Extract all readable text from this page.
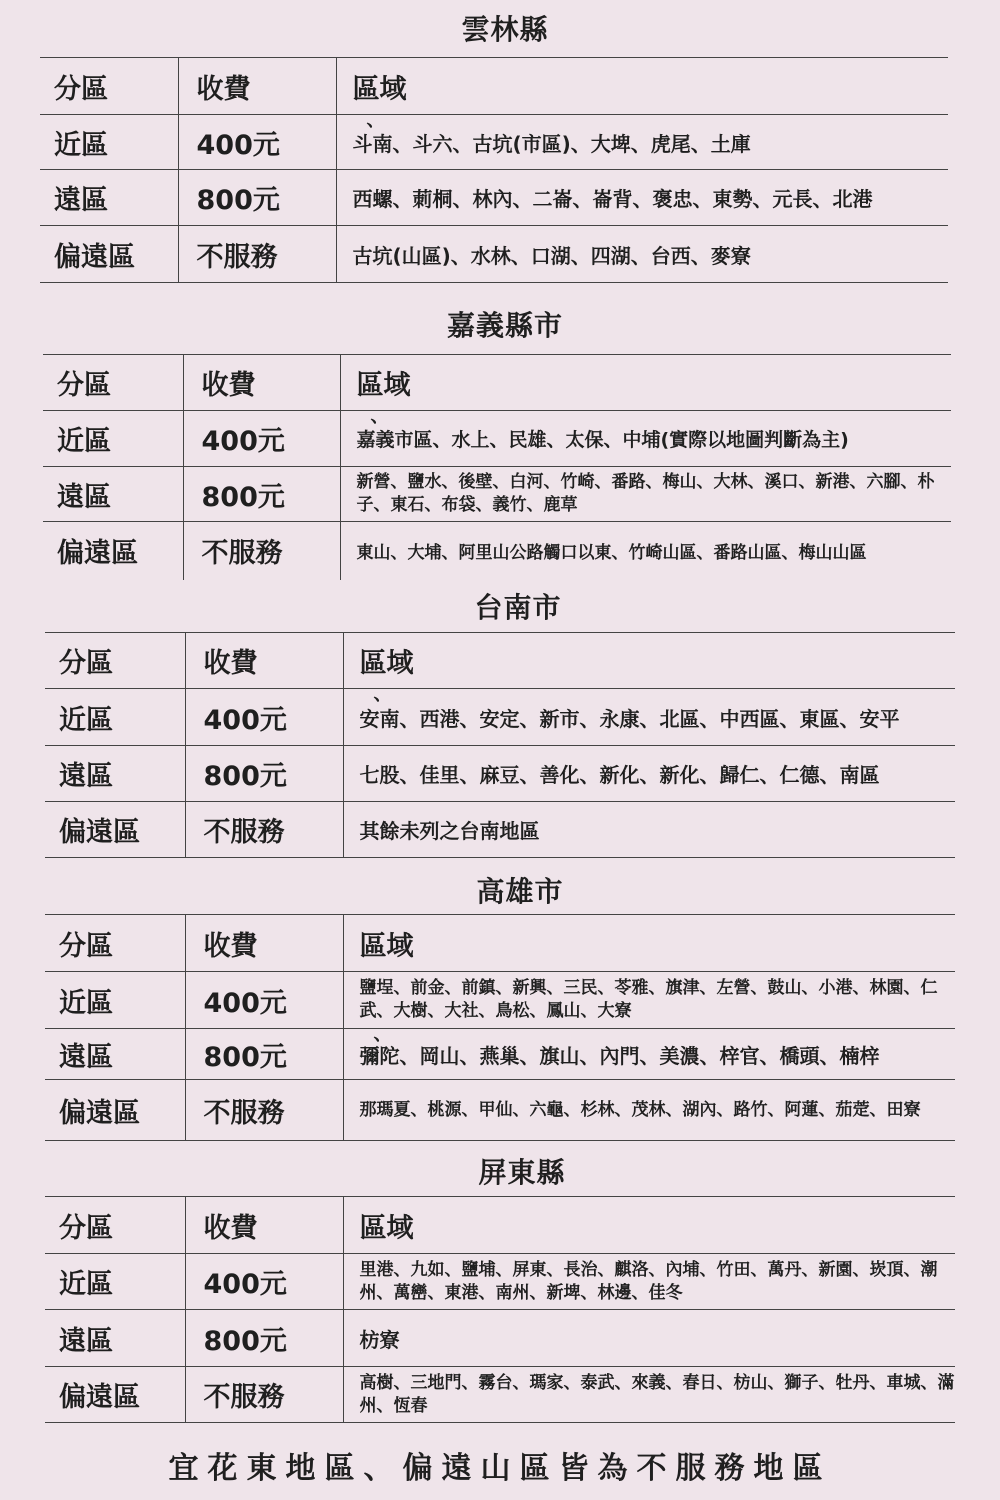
雲林縣
分區	收費	區域
、

近區	400元	斗南、斗六、古坑(市區)、大埤、虎尾、土庫
遠區	800元	西螺、莿桐、林內、二崙、崙背、褒忠、東勢、元長、北港
偏遠區	不服務	古坑(山區)、水林、口湖、四湖、台西、麥寮
嘉義縣市
分區	收費	區域
、

近區	400元	嘉義市區、水上、民雄、太保、中埔(實際以地圖判斷為主)
遠區	800元	新營、鹽水、後壁、白河、竹崎、番路、梅山、大林、溪口、新港、六腳、朴子、東石、布袋、義竹、鹿草
偏遠區	不服務	東山、大埔、阿里山公路觸口以東、竹崎山區、番路山區、梅山山區
台南市
分區	收費	區域
、

近區	400元	安南、西港、安定、新市、永康、北區、中西區、東區、安平
遠區	800元	七股、佳里、麻豆、善化、新化、新化、歸仁、仁德、南區
偏遠區	不服務	其餘未列之台南地區
高雄市
分區	收費	區域
近區	400元	鹽埕、前金、前鎮、新興、三民、苓雅、旗津、左營、鼓山、小港、林園、仁武、大樹、大社、鳥松、鳳山、大寮
、

遠區	800元	彌陀、岡山、燕巢、旗山、內門、美濃、梓官、橋頭、楠梓
偏遠區	不服務	那瑪夏、桃源、甲仙、六龜、杉林、茂林、湖內、路竹、阿蓮、茄萣、田寮
屏東縣
分區	收費	區域
近區	400元	里港、九如、鹽埔、屏東、長治、麒洛、內埔、竹田、萬丹、新園、崁頂、潮州、萬巒、東港、南州、新埤、林邊、佳冬
遠區	800元	枋寮
偏遠區	不服務	高樹、三地門、霧台、瑪家、泰武、來義、春日、枋山、獅子、牡丹、車城、滿州、恆春
宜花東地區、偏遠山區皆為不服務地區
